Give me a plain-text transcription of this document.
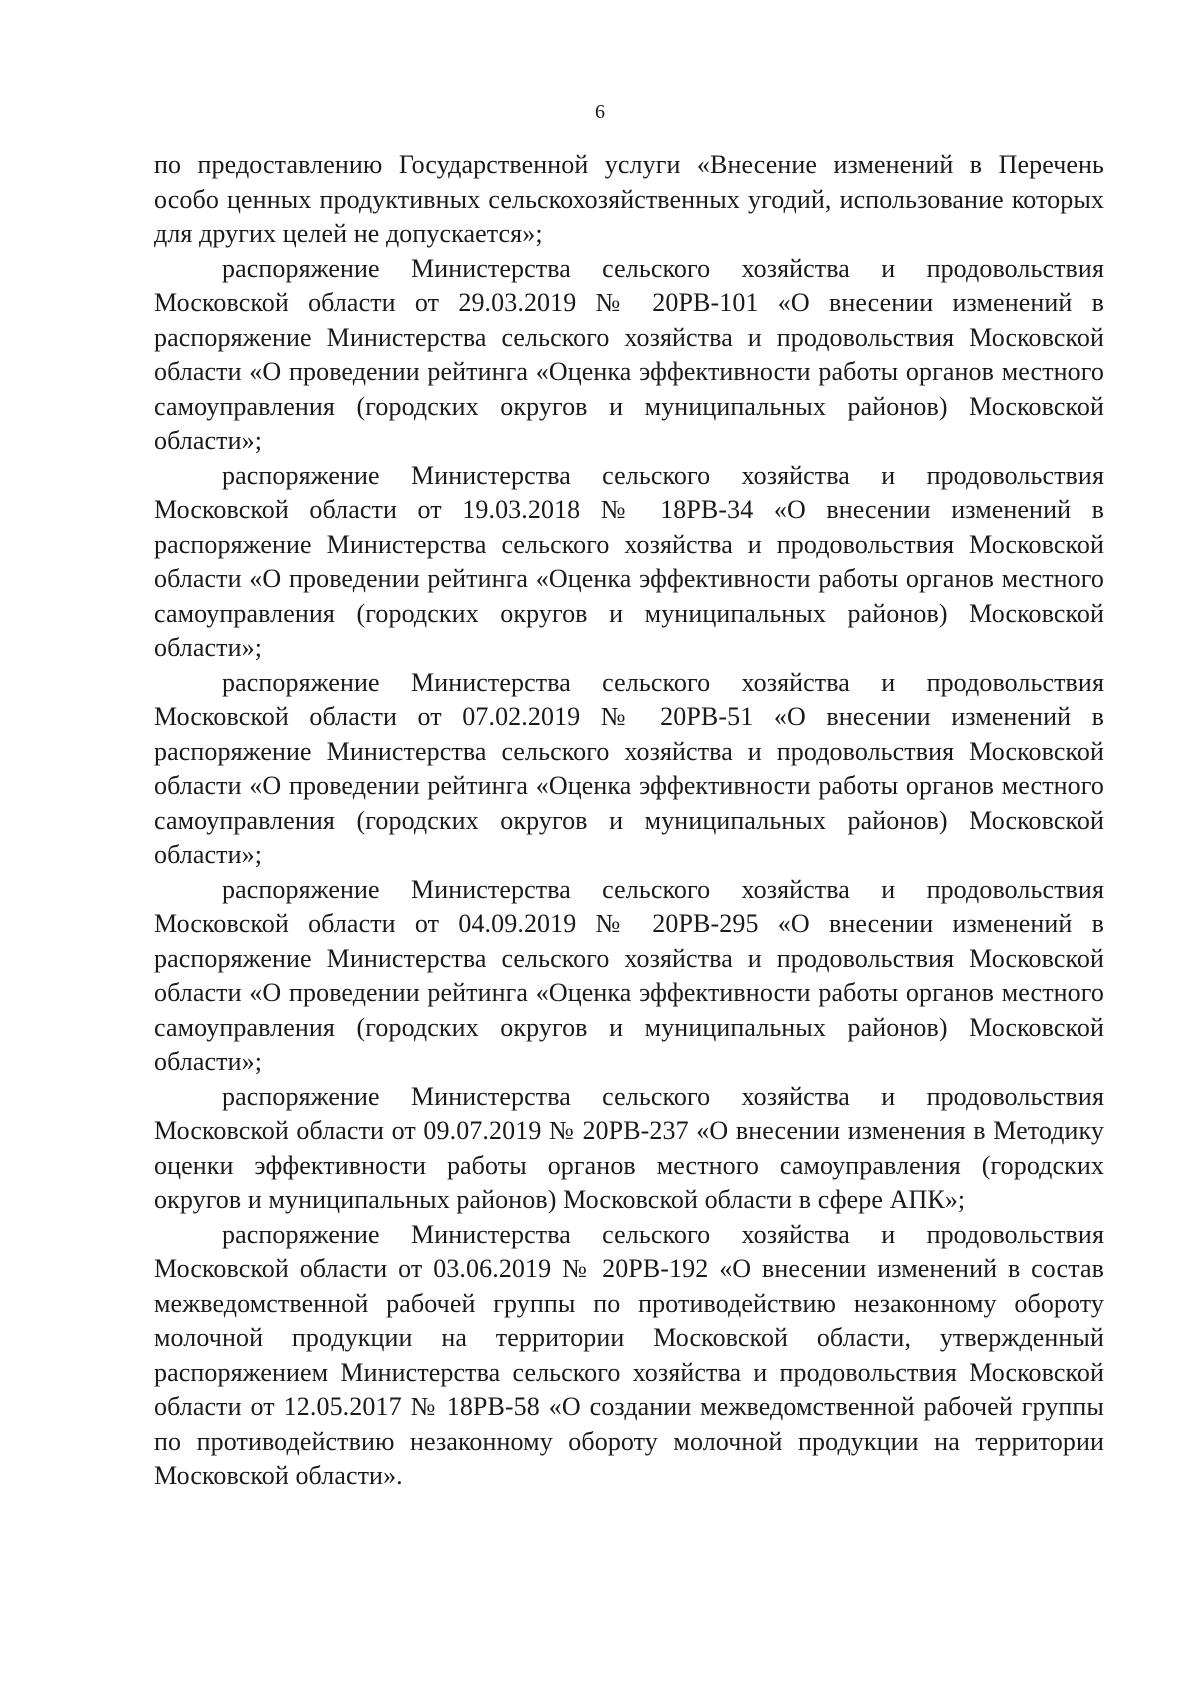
6

по предоставлению Государственной услуги «Внесение изменений в Перечень особо ценных продуктивных сельскохозяйственных угодий, использование которых для других целей не допускается»;

распоряжение Министерства сельского хозяйства и продовольствия Московской области от 29.03.2019 № 20РВ-101 «О внесении изменений в распоряжение Министерства сельского хозяйства и продовольствия Московской области «О проведении рейтинга «Оценка эффективности работы органов местного самоуправления (городских округов и муниципальных районов) Московской области»;

распоряжение Министерства сельского хозяйства и продовольствия Московской области от 19.03.2018 № 18РВ-34 «О внесении изменений в распоряжение Министерства сельского хозяйства и продовольствия Московской области «О проведении рейтинга «Оценка эффективности работы органов местного самоуправления (городских округов и муниципальных районов) Московской области»;

распоряжение Министерства сельского хозяйства и продовольствия Московской области от 07.02.2019 № 20РВ-51 «О внесении изменений в распоряжение Министерства сельского хозяйства и продовольствия Московской области «О проведении рейтинга «Оценка эффективности работы органов местного самоуправления (городских округов и муниципальных районов) Московской области»;

распоряжение Министерства сельского хозяйства и продовольствия Московской области от 04.09.2019 № 20РВ-295 «О внесении изменений в распоряжение Министерства сельского хозяйства и продовольствия Московской области «О проведении рейтинга «Оценка эффективности работы органов местного самоуправления (городских округов и муниципальных районов) Московской области»;

распоряжение Министерства сельского хозяйства и продовольствия Московской области от 09.07.2019 № 20РВ-237 «О внесении изменения в Методику оценки эффективности работы органов местного самоуправления (городских округов и муниципальных районов) Московской области в сфере АПК»;

распоряжение Министерства сельского хозяйства и продовольствия Московской области от 03.06.2019 № 20РВ-192 «О внесении изменений в состав межведомственной рабочей группы по противодействию незаконному обороту молочной продукции на территории Московской области, утвержденный распоряжением Министерства сельского хозяйства и продовольствия Московской области от 12.05.2017 № 18РВ-58 «О создании межведомственной рабочей группы по противодействию незаконному обороту молочной продукции на территории Московской области».
